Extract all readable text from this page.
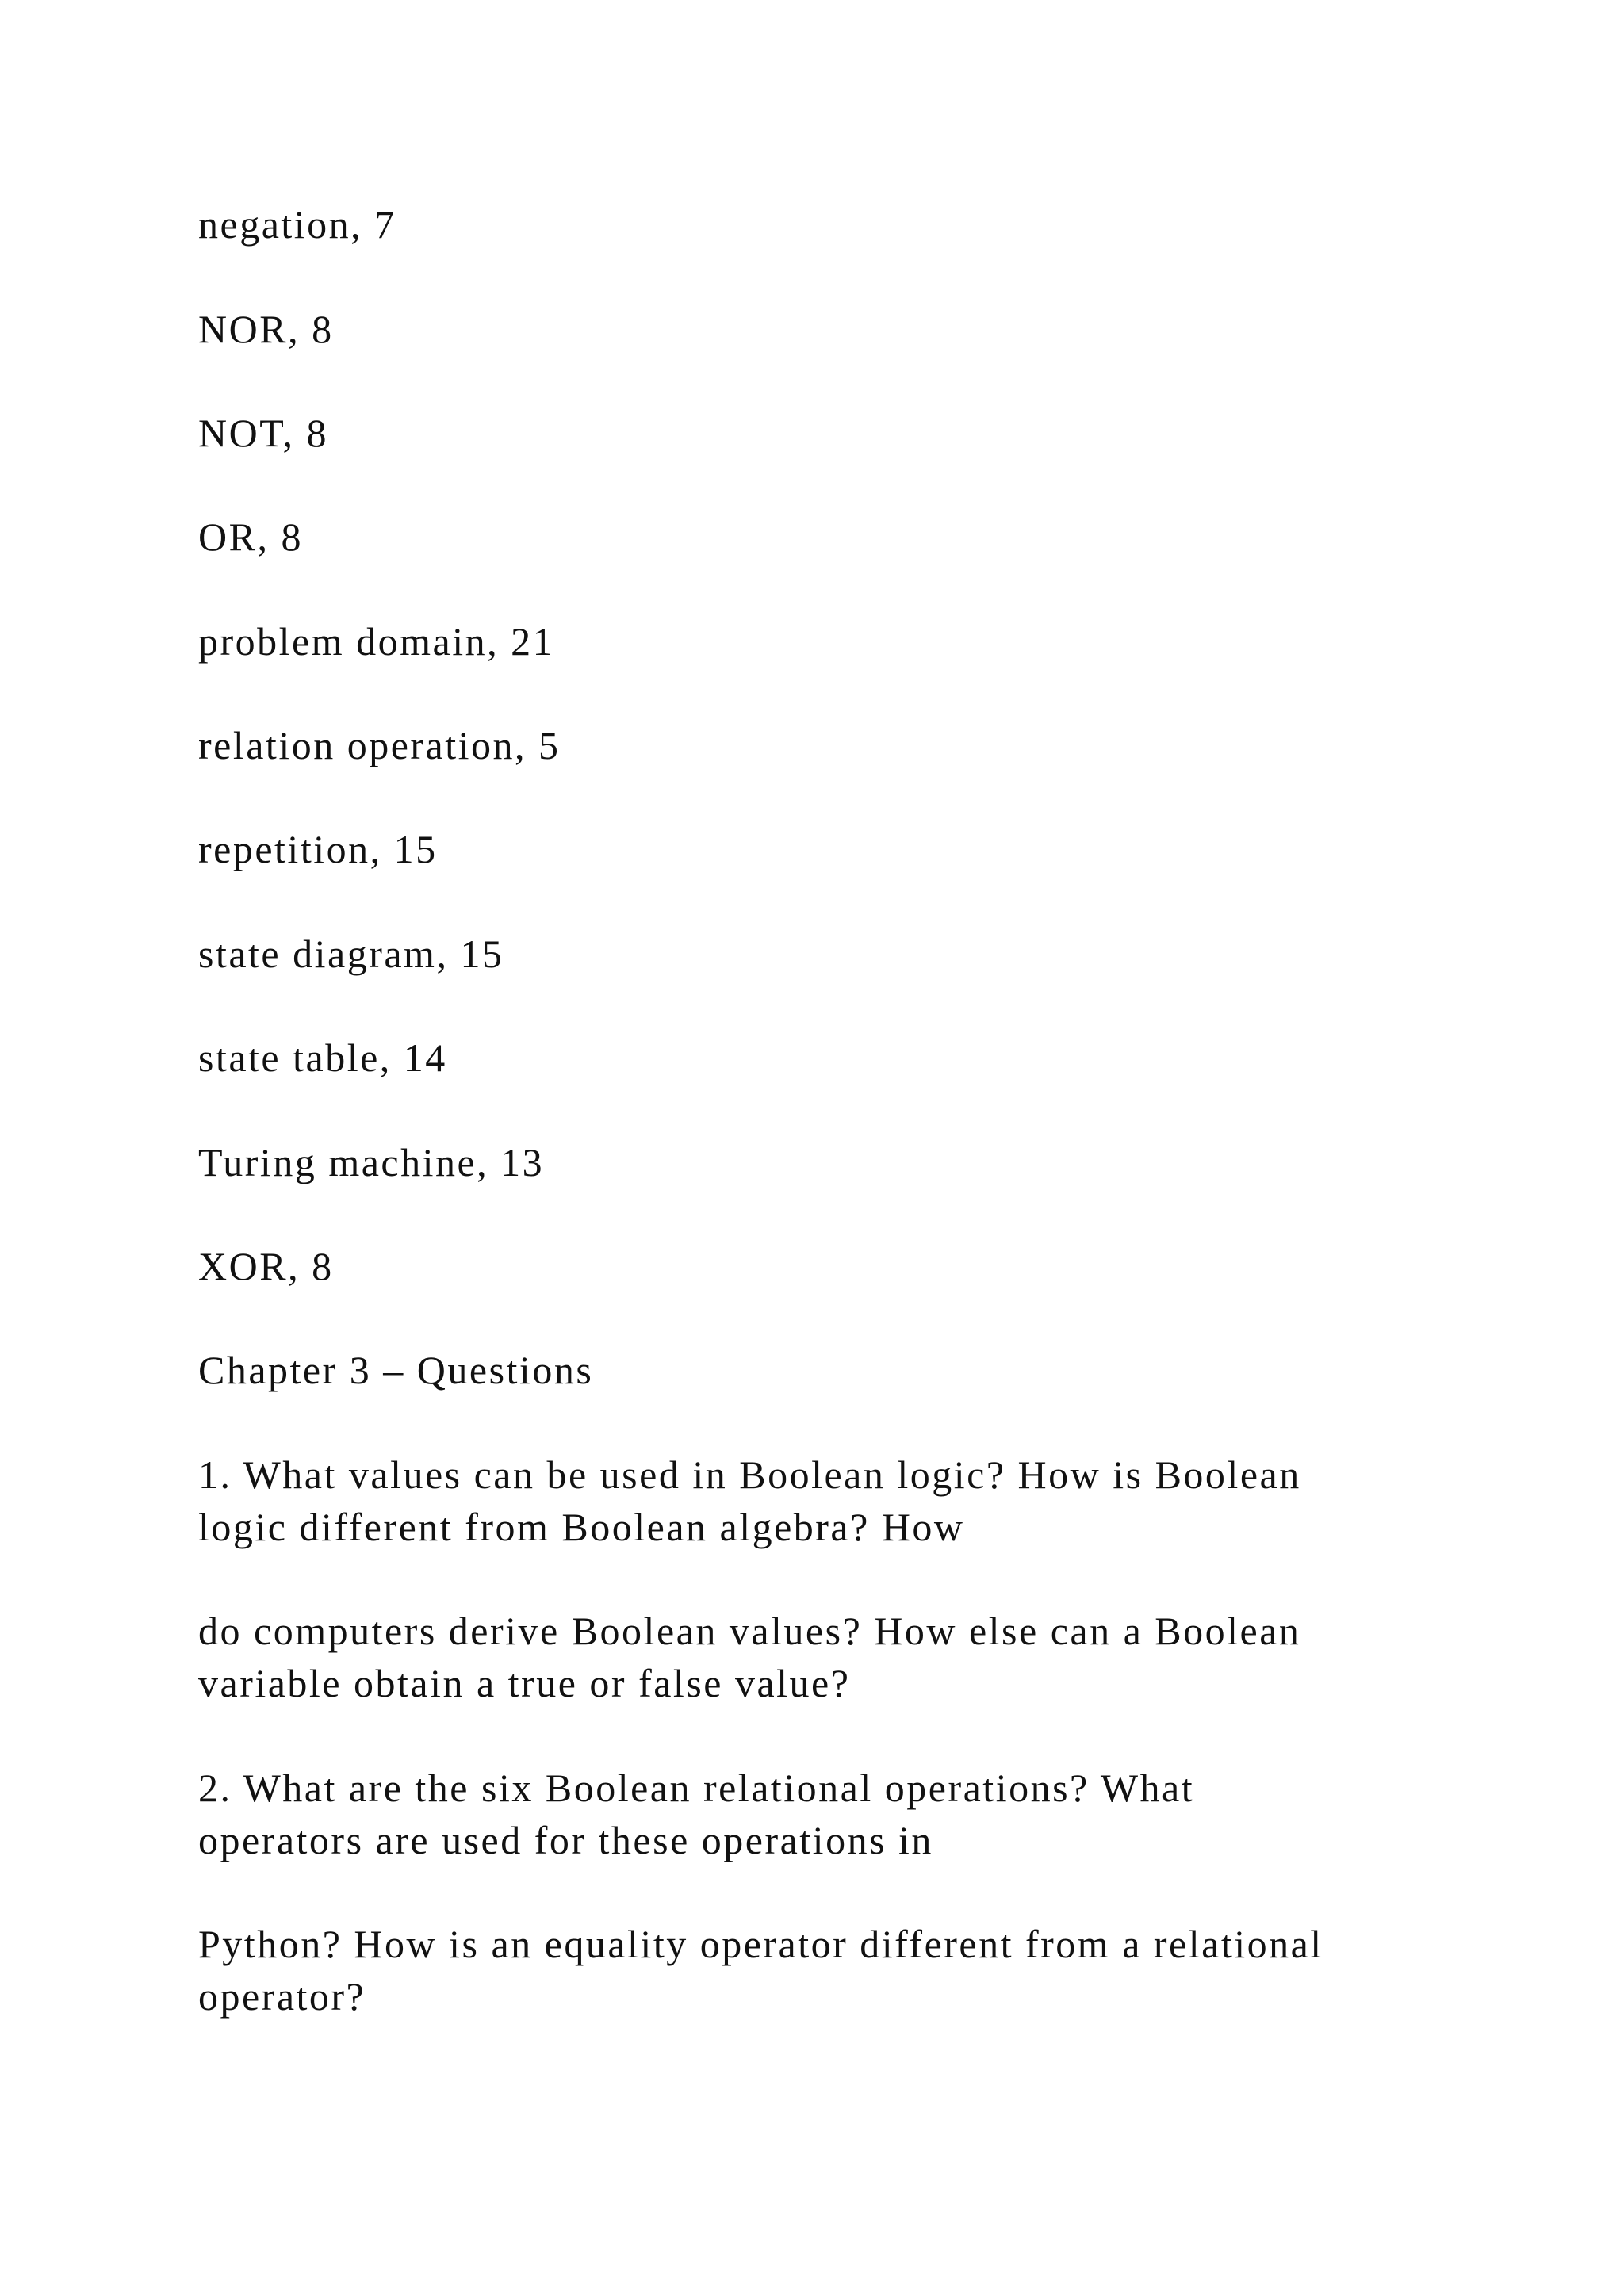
negation, 7

NOR, 8

NOT, 8

OR, 8

problem domain, 21

relation operation, 5

repetition, 15

state diagram, 15

state table, 14

Turing machine, 13

XOR, 8

Chapter 3 – Questions

1. What values can be used in Boolean logic? How is Boolean
logic different from Boolean algebra? How
do computers derive Boolean values? How else can a Boolean
variable obtain a true or false value?
2. What are the six Boolean relational operations? What
operators are used for these operations in
Python? How is an equality operator different from a relational
operator?
